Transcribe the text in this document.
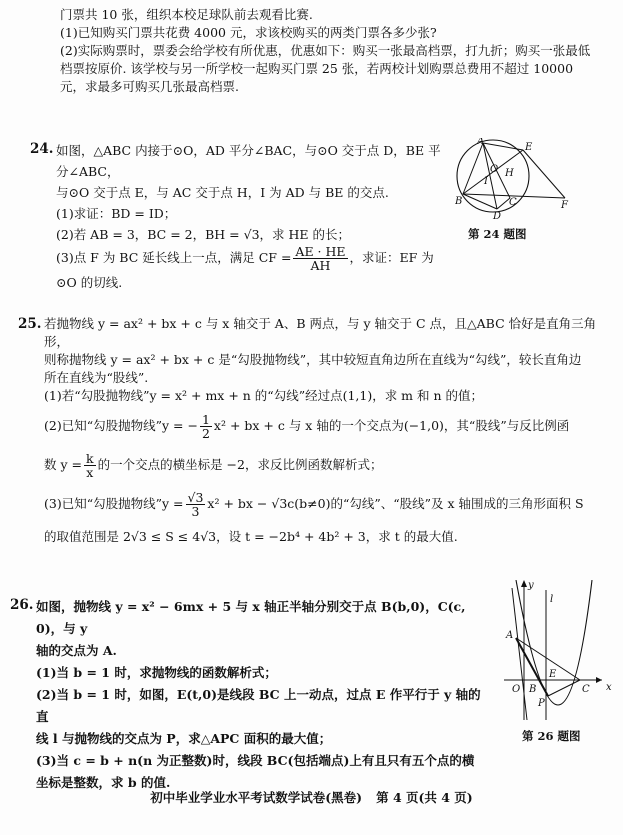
门票共 10 张，组织本校足球队前去观看比赛.
(1)已知购买门票共花费 4000 元，求该校购买的两类门票各多少张?
(2)实际购票时，票委会给学校有所优惠，优惠如下：购买一张最高档票，打九折；购买一张最低
档票按原价. 该学校与另一所学校一起购买门票 25 张，若两校计划购票总费用不超过 10000
元，求最多可购买几张最高档票.
24. 如图，△ABC 内接于⊙O，AD 平分∠BAC，与⊙O 交于点 D，BE 平分∠ABC，
与⊙O 交于点 E，与 AC 交于点 H，I 为 AD 与 BE 的交点.
(1)求证：BD = ID；
(2)若 AB = 3，BC = 2，BH = √3，求 HE 的长；
(3)点 F 为 BC 延长线上一点，满足 CF = $\frac{AE \cdot HE}{AH}$ ，求证：EF 为⊙O 的切线.
A
E
O
I
H
B	C
D
F
第 24 题图
25. 若抛物线 y = ax² + bx + c 与 x 轴交于 A、B 两点，与 y 轴交于 C 点，且△ABC 恰好是直角三角形，
则称抛物线 y = ax² + bx + c 是“勾股抛物线”，其中较短直角边所在直线为“勾线”，较长直角边
所在直线为“股线”.
(1)若“勾股抛物线”y = x² + mx + n 的“勾线”经过点(1,1)，求 m 和 n 的值；
(2)已知“勾股抛物线”y = − $\frac{1}{2} x^2$ + bx + c 与 x 轴的一个交点为(−1,0)，其“股线”与反比例函
数 $y = \frac{k}{x}$ 的一个交点的横坐标是 −2，求反比例函数解析式；
(3)已知“勾股抛物线”y = $\frac{√3}{3} x^2$ + bx − √3c(b≠0)的“勾线”、“股线”及 x 轴围成的三角形面积 S
的取值范围是 2√3 ≤ S ≤ 4√3，设 t = −2b⁴ + 4b² + 3，求 t 的最大值.
26. 如图，抛物线 y = x² − 6mx + 5 与 x 轴正半轴分别交于点 B(b,0)，C(c,0)，与 y
轴的交点为 A.
(1)当 b = 1 时，求抛物线的函数解析式；
(2)当 b = 1 时，如图，E(t,0)是线段 BC 上一动点，过点 E 作平行于 y 轴的直
线 l 与抛物线的交点为 P，求△APC 面积的最大值；
(3)当 c = b + n(n 为正整数)时，线段 BC(包括端点)上有且只有五个点的横
坐标是整数，求 b 的值.
y
x
A
l
E
O B	C
P
第 26 题图
初中毕业学业水平考试数学试卷(黑卷) 第 4 页(共 4 页)
